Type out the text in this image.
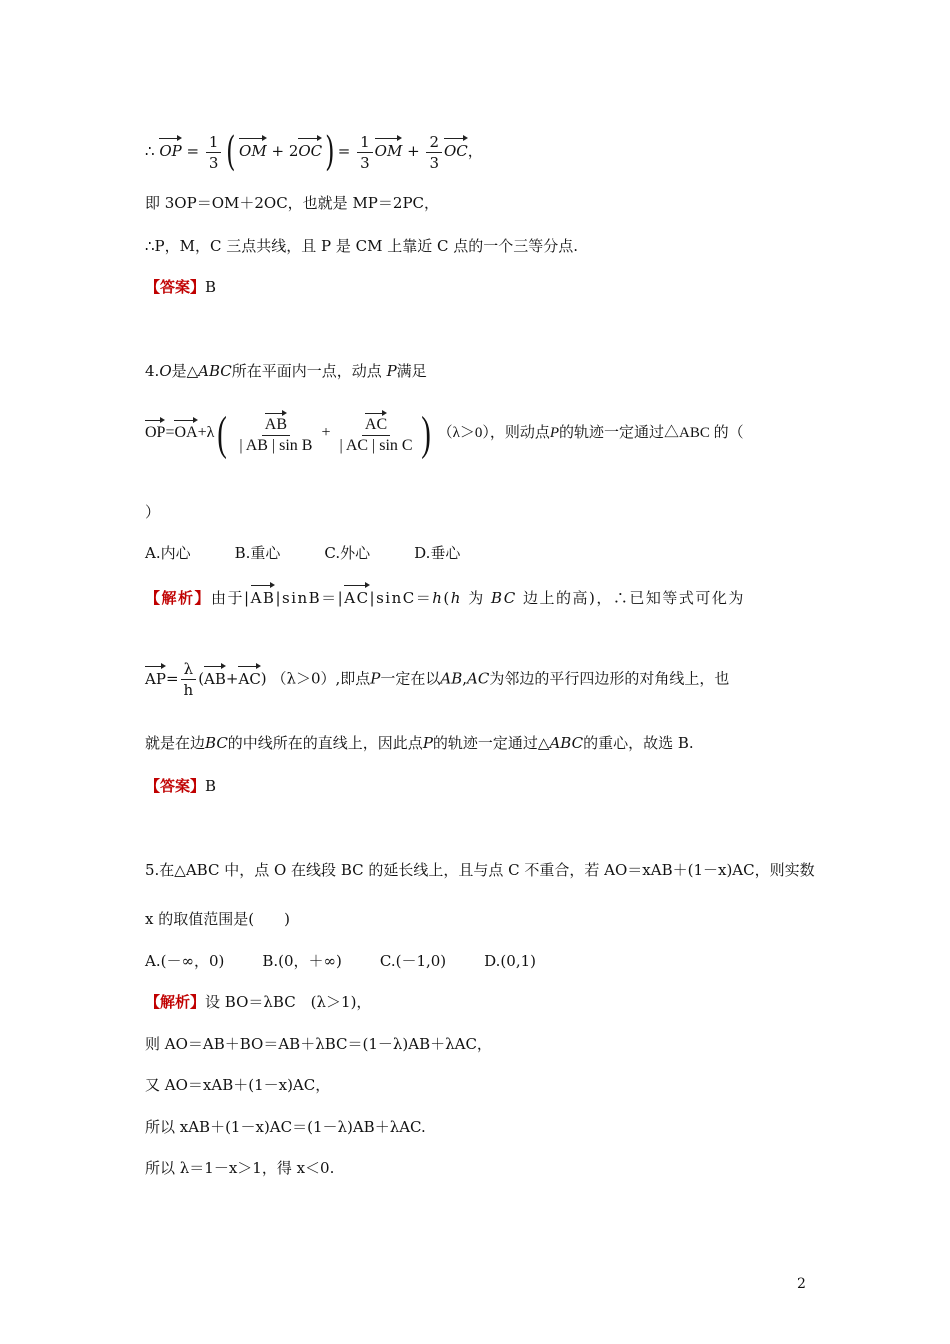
∴ OP = $\frac{1}{3}$ ( OM + $2OC) = \frac{1}{3}$ OM + $\frac{2}{3}$ OC，
即 3OP＝OM＋2OC，也就是 MP＝2PC，
∴P，M，C 三点共线，且 P 是 CM 上靠近 C 点的一个三等分点.
【答案】B
4.O是△ABC所在平面内一点，动点 P满足
$OP=OA+\lambda( \frac{AB}{\text{| AB | sin B}} + \frac{AC}{\text{| AC | sin C}}$ ) （λ＞0），则动点P的轨迹一定通过△ABC 的（
）
A.内心	B.重心	C.外心	D.垂心
【解析】由于|AB|sinB＝|AC|sinC＝h(h 为 BC 边上的高)，∴已知等式可化为
$AP= \frac{\lambda}{h} (AB+AC)$ （λ＞0）,即点P一定在以AB,AC为邻边的平行四边形的对角线上，也
就是在边BC的中线所在的直线上，因此点P的轨迹一定通过△ABC的重心，故选 B.
【答案】B
5.在△ABC 中，点 O 在线段 BC 的延长线上，且与点 C 不重合，若 AO＝xAB＋(1－x)AC，则实数
x 的取值范围是(　　)
A.(－∞，0)	B.(0，＋∞)	C.(－1,0)	D.(0,1)
【解析】设 BO＝λBC　(λ＞1)，
则 AO＝AB＋BO＝AB＋λBC＝(1－λ)AB＋λAC，
又 AO＝xAB＋(1－x)AC，
所以 xAB＋(1－x)AC＝(1－λ)AB＋λAC.
所以 λ＝1－x＞1，得 x＜0.
2
